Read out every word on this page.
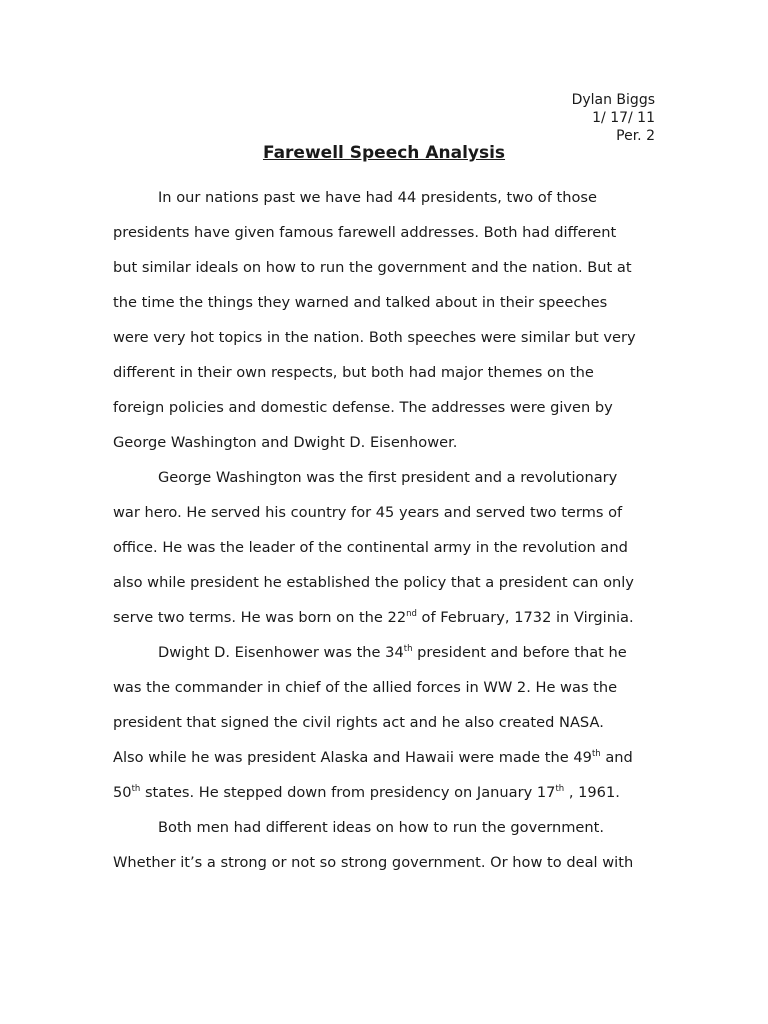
Dylan Biggs
1/ 17/ 11
Per. 2
Farewell Speech Analysis
In our nations past we have had 44 presidents, two of those
presidents have given famous farewell addresses. Both had different
but similar ideals on how to run the government and the nation. But at
the time the things they warned and talked about in their speeches
were very hot topics in the nation. Both speeches were similar but very
different in their own respects, but both had major themes on the
foreign policies and domestic defense. The addresses were given by
George Washington and Dwight D. Eisenhower.
George Washington was the first president and a revolutionary
war hero. He served his country for 45 years and served two terms of
office. He was the leader of the continental army in the revolution and
also while president he established the policy that a president can only
serve two terms. He was born on the 22nd of February, 1732 in Virginia.
Dwight D. Eisenhower was the 34th president and before that he
was the commander in chief of the allied forces in WW 2. He was the
president that signed the civil rights act and he also created NASA.
Also while he was president Alaska and Hawaii were made the 49th and
50th states. He stepped down from presidency on January 17th , 1961.
Both men had different ideas on how to run the government.
Whether it’s a strong or not so strong government. Or how to deal with
